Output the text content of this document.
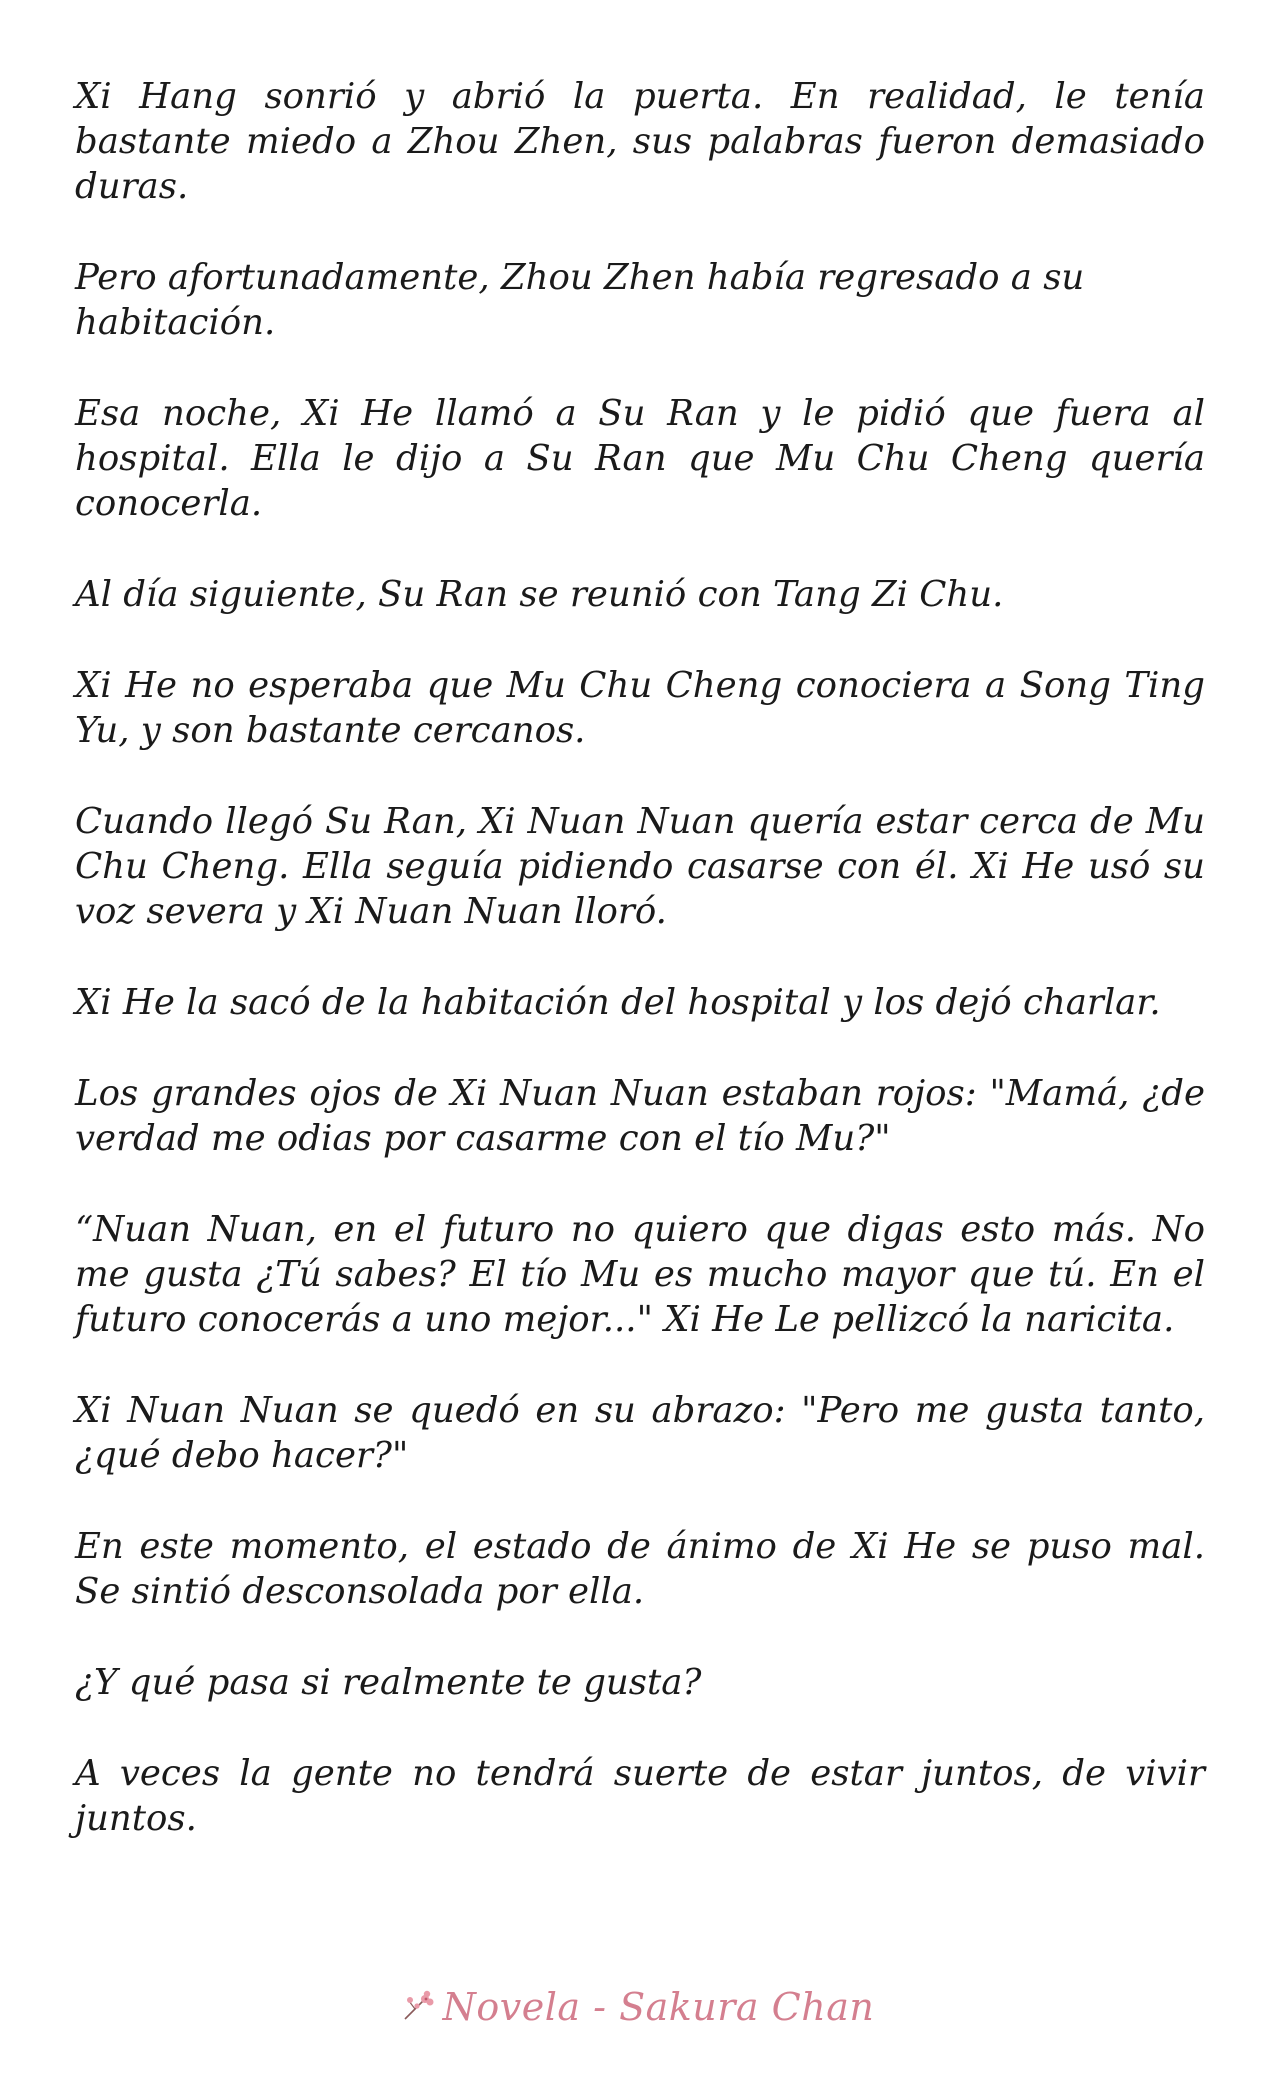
Xi Hang sonrió y abrió la puerta. En realidad, le tenía bastante miedo a Zhou Zhen, sus palabras fueron demasiado duras.

Pero afortunadamente, Zhou Zhen había regresado a su habitación.

Esa noche, Xi He llamó a Su Ran y le pidió que fuera al hospital. Ella le dijo a Su Ran que Mu Chu Cheng quería conocerla.

Al día siguiente, Su Ran se reunió con Tang Zi Chu.

Xi He no esperaba que Mu Chu Cheng conociera a Song Ting Yu, y son bastante cercanos.

Cuando llegó Su Ran, Xi Nuan Nuan quería estar cerca de Mu Chu Cheng. Ella seguía pidiendo casarse con él. Xi He usó su voz severa y Xi Nuan Nuan lloró.

Xi He la sacó de la habitación del hospital y los dejó charlar.

Los grandes ojos de Xi Nuan Nuan estaban rojos: "Mamá, ¿de verdad me odias por casarme con el tío Mu?"

“Nuan Nuan, en el futuro no quiero que digas esto más. No me gusta ¿Tú sabes? El tío Mu es mucho mayor que tú. En el futuro conocerás a uno mejor..." Xi He Le pellizcó la naricita.

Xi Nuan Nuan se quedó en su abrazo: "Pero me gusta tanto, ¿qué debo hacer?"

En este momento, el estado de ánimo de Xi He se puso mal. Se sintió desconsolada por ella.

¿Y qué pasa si realmente te gusta?

A veces la gente no tendrá suerte de estar juntos, de vivir juntos.

Novela - Sakura Chan
